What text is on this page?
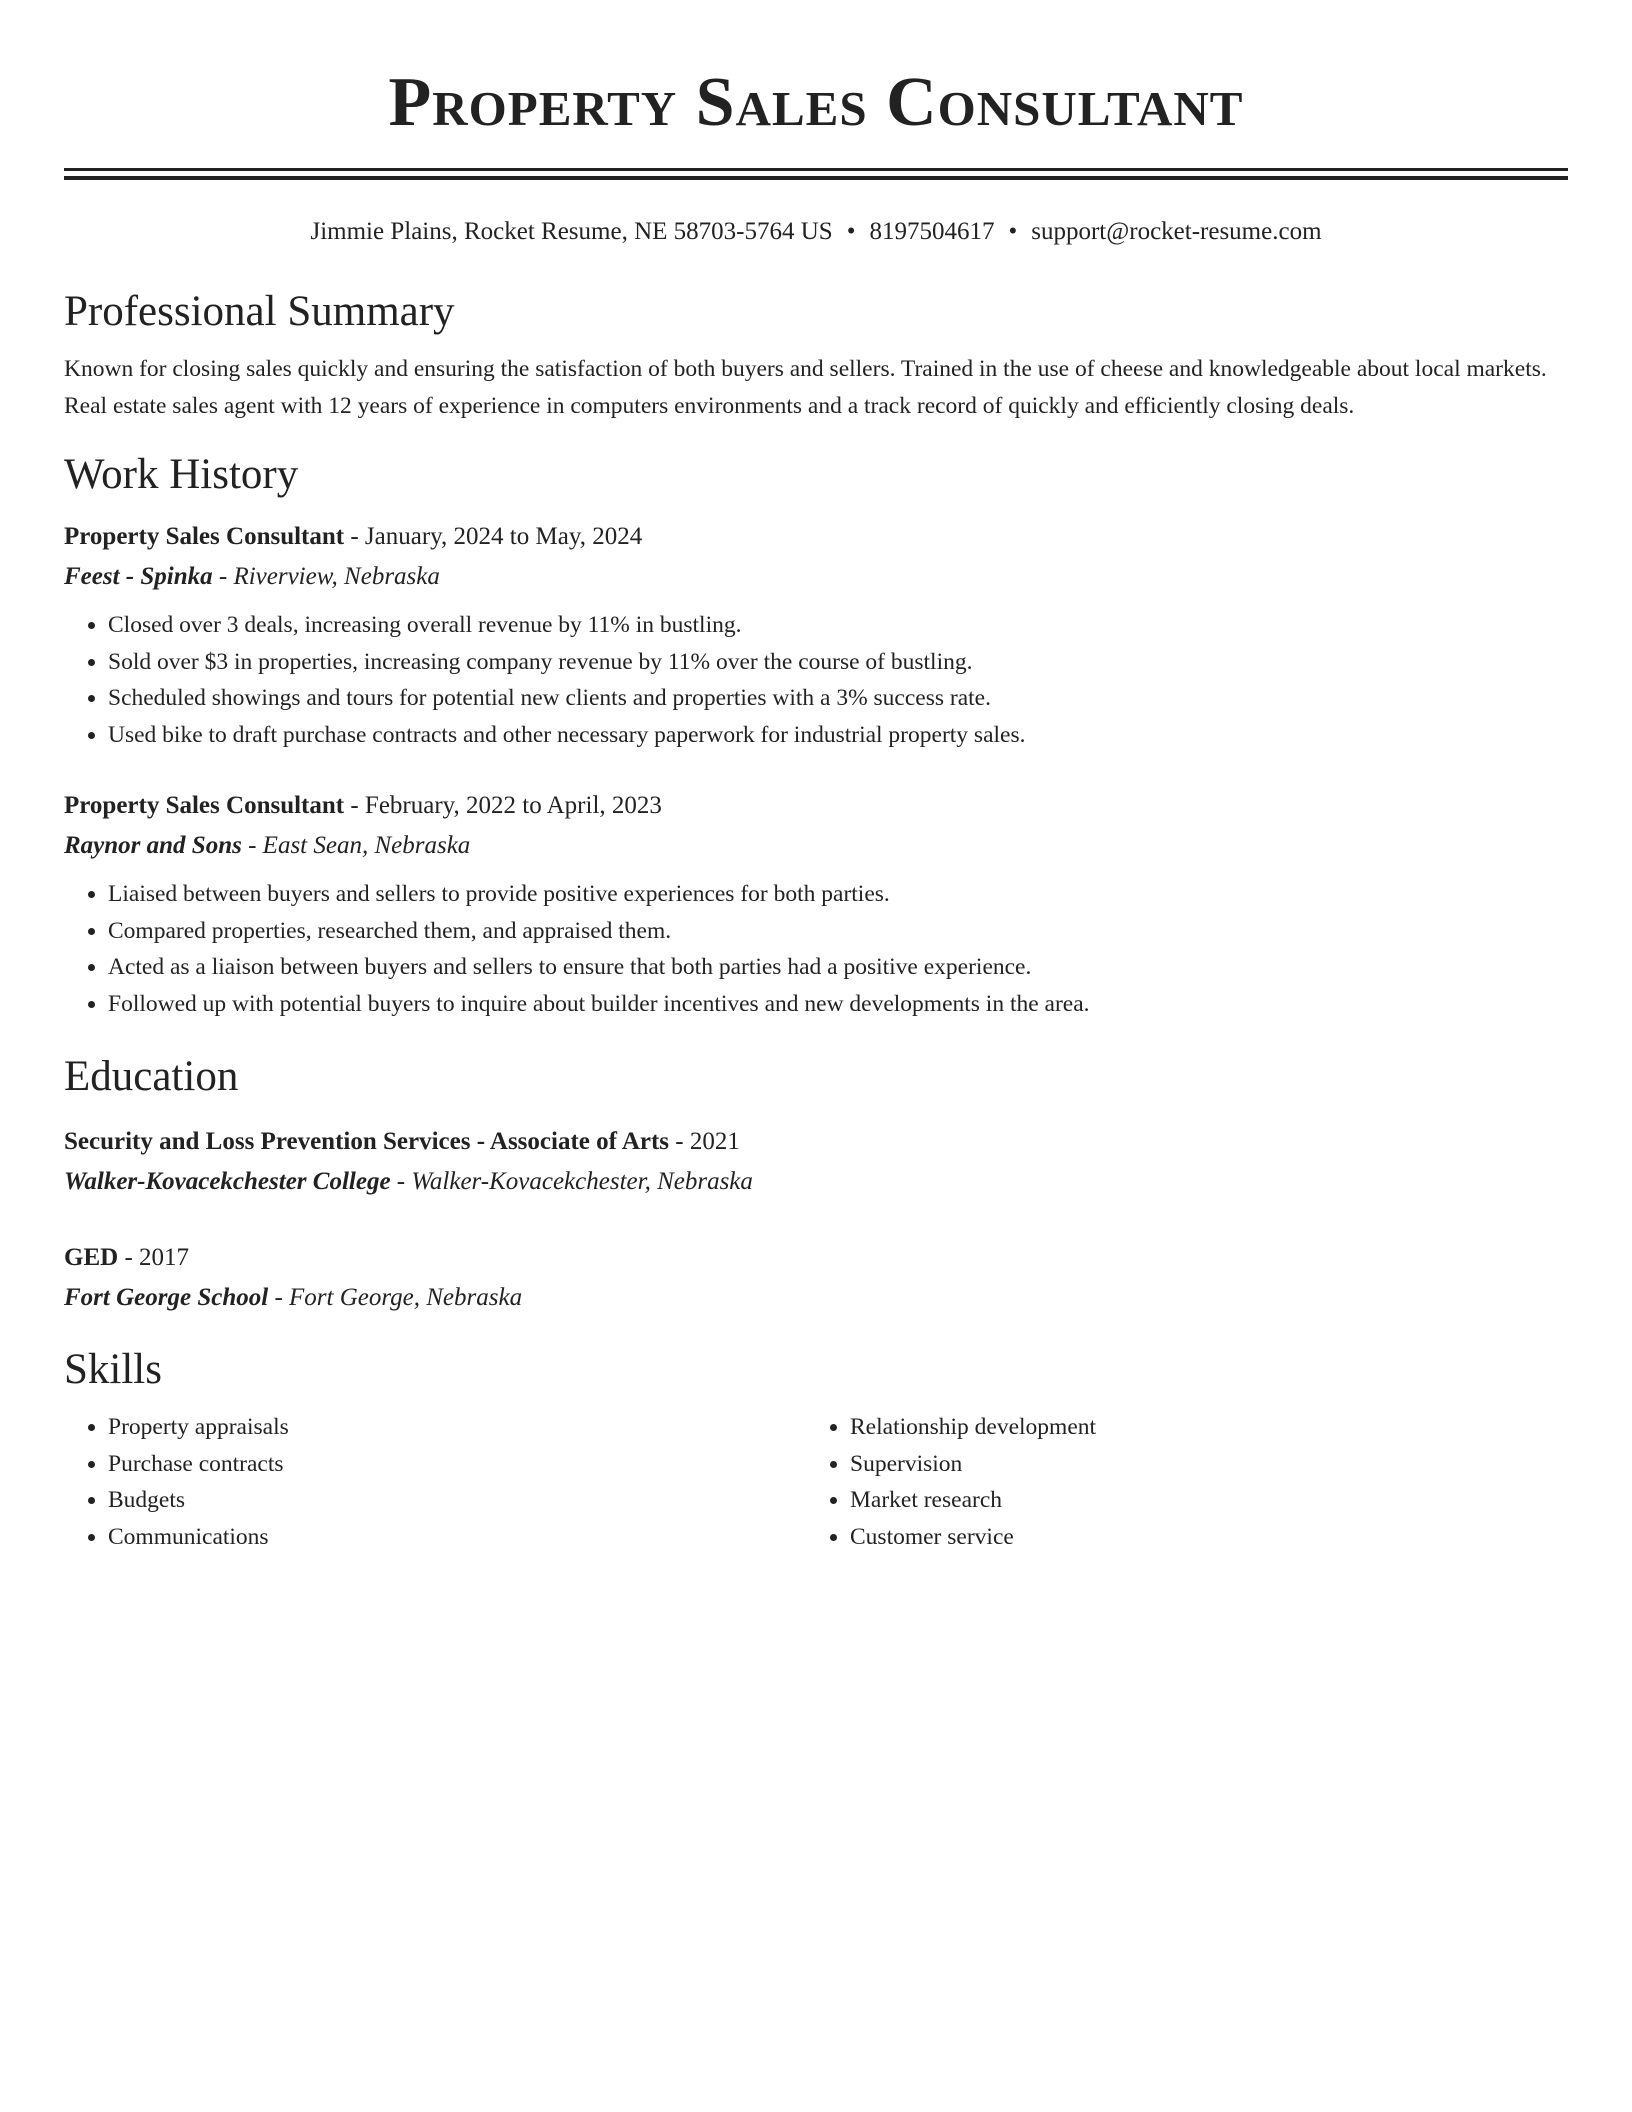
Property Sales Consultant
Jimmie Plains, Rocket Resume, NE 58703-5764 US • 8197504617 • support@rocket-resume.com
Professional Summary
Known for closing sales quickly and ensuring the satisfaction of both buyers and sellers. Trained in the use of cheese and knowledgeable about local markets. Real estate sales agent with 12 years of experience in computers environments and a track record of quickly and efficiently closing deals.
Work History
Property Sales Consultant - January, 2024 to May, 2024
Feest - Spinka - Riverview, Nebraska
• Closed over 3 deals, increasing overall revenue by 11% in bustling.
• Sold over $3 in properties, increasing company revenue by 11% over the course of bustling.
• Scheduled showings and tours for potential new clients and properties with a 3% success rate.
• Used bike to draft purchase contracts and other necessary paperwork for industrial property sales.
Property Sales Consultant - February, 2022 to April, 2023
Raynor and Sons - East Sean, Nebraska
• Liaised between buyers and sellers to provide positive experiences for both parties.
• Compared properties, researched them, and appraised them.
• Acted as a liaison between buyers and sellers to ensure that both parties had a positive experience.
• Followed up with potential buyers to inquire about builder incentives and new developments in the area.
Education
Security and Loss Prevention Services - Associate of Arts - 2021
Walker-Kovacekchester College - Walker-Kovacekchester, Nebraska
GED - 2017
Fort George School - Fort George, Nebraska
Skills
• Property appraisals
• Purchase contracts
• Budgets
• Communications
• Relationship development
• Supervision
• Market research
• Customer service
